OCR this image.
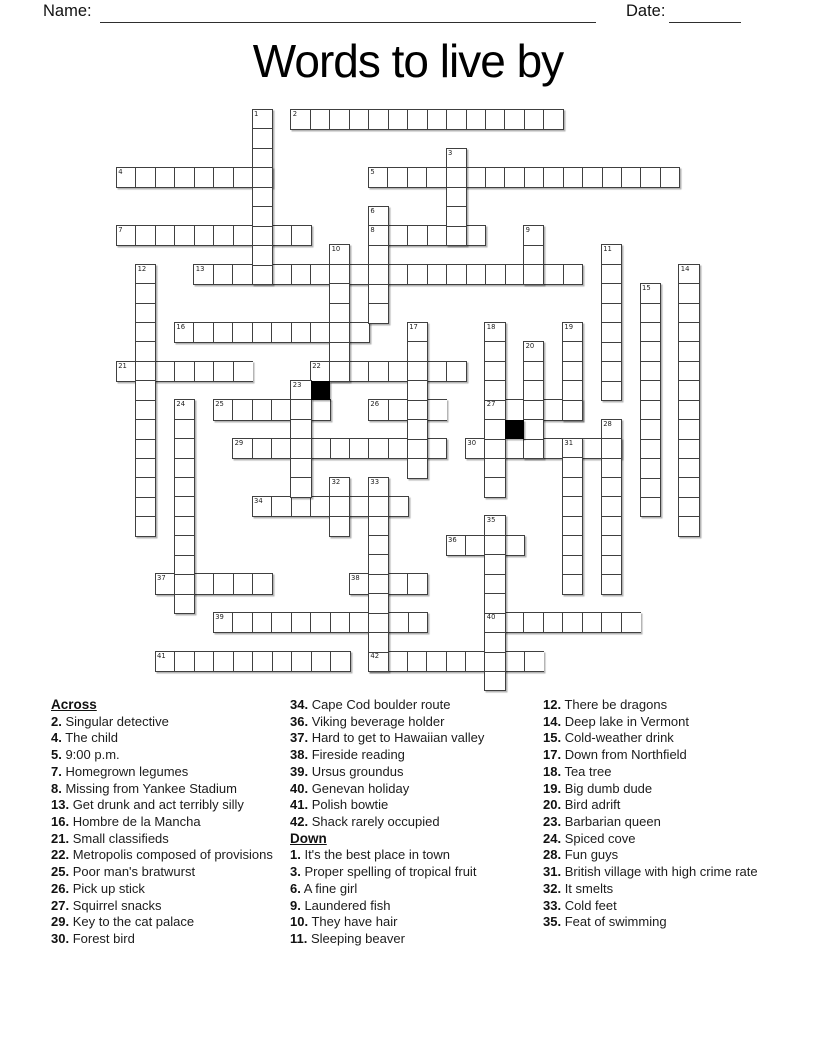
Name:	Date:
Words to live by
2
4	5
7	8
13
16
21	22
25	26	27
29	30
34
36
37	38
39	40
41	42
1
3
6
9
10	11
12	14
15
17	18	19
20
23
24
28
31
32	33
35
Across
2. Singular detective
4. The child
5. 9:00 p.m.
7. Homegrown legumes
8. Missing from Yankee Stadium
13. Get drunk and act terribly silly
16. Hombre de la Mancha
21. Small classifieds
22. Metropolis composed of provisions
25. Poor man's bratwurst
26. Pick up stick
27. Squirrel snacks
29. Key to the cat palace
30. Forest bird
34. Cape Cod boulder route
36. Viking beverage holder
37. Hard to get to Hawaiian valley
38. Fireside reading
39. Ursus groundus
40. Genevan holiday
41. Polish bowtie
42. Shack rarely occupied
Down
1. It's the best place in town
3. Proper spelling of tropical fruit
6. A fine girl
9. Laundered fish
10. They have hair
11. Sleeping beaver
12. There be dragons
14. Deep lake in Vermont
15. Cold-weather drink
17. Down from Northfield
18. Tea tree
19. Big dumb dude
20. Bird adrift
23. Barbarian queen
24. Spiced cove
28. Fun guys
31. British village with high crime rate
32. It smelts
33. Cold feet
35. Feat of swimming
